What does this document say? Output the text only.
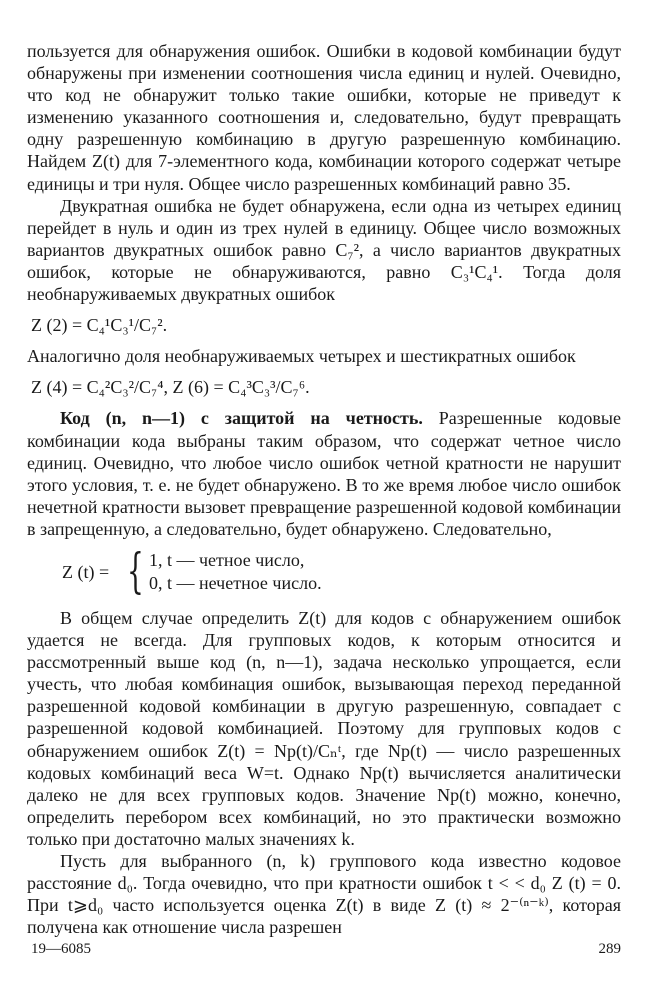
пользуется для обнаружения ошибок. Ошибки в кодовой комбинации будут обнаружены при изменении соотношения числа единиц и нулей. Очевидно, что код не обнаружит только такие ошибки, которые не приведут к изменению указанного соотношения и, следовательно, будут превращать одну разрешенную комбинацию в другую разрешенную комбинацию. Найдем Z(t) для 7-элементного кода, комбинации которого содержат четыре единицы и три нуля. Общее число разрешенных комбинаций равно 35.

Двукратная ошибка не будет обнаружена, если одна из четырех единиц перейдет в нуль и один из трех нулей в единицу. Общее число возможных вариантов двукратных ошибок равно C₇², а число вариантов двукратных ошибок, которые не обнаруживаются, равно C₃¹C₄¹. Тогда доля необнаруживаемых двукратных ошибок

Z (2) = C₄¹C₃¹/C₇².

Аналогично доля необнаруживаемых четырех и шестикратных ошибок

Z (4) = C₄²C₃²/C₇⁴, Z (6) = C₄³C₃³/C₇⁶.

Код (n, n—1) с защитой на четность. Разрешенные кодовые комбинации кода выбраны таким образом, что содержат четное число единиц. Очевидно, что любое число ошибок четной кратности не нарушит этого условия, т. е. не будет обнаружено. В то же время любое число ошибок нечетной кратности вызовет превращение разрешенной кодовой комбинации в запрещенную, а следовательно, будет обнаружено. Следовательно,

Z (t) = { 1, t — четное число,
0, t — нечетное число.

В общем случае определить Z(t) для кодов с обнаружением ошибок удается не всегда. Для групповых кодов, к которым относится и рассмотренный выше код (n, n—1), задача несколько упрощается, если учесть, что любая комбинация ошибок, вызывающая переход переданной разрешенной кодовой комбинации в другую разрешенную, совпадает с разрешенной кодовой комбинацией. Поэтому для групповых кодов с обнаружением ошибок Z(t) = Nр(t)/Cₙᵗ, где Nр(t) — число разрешенных кодовых комбинаций веса W=t. Однако Nр(t) вычисляется аналитически далеко не для всех групповых кодов. Значение Nр(t) можно, конечно, определить перебором всех комбинаций, но это практически возможно только при достаточно малых значениях k.

Пусть для выбранного (n, k) группового кода известно кодовое расстояние d₀. Тогда очевидно, что при кратности ошибок t < < d₀ Z (t) = 0. При t⩾d₀ часто используется оценка Z(t) в виде Z (t) ≈ 2⁻⁽ⁿ⁻ᵏ⁾, которая получена как отношение числа разрешен

19—6085	289
